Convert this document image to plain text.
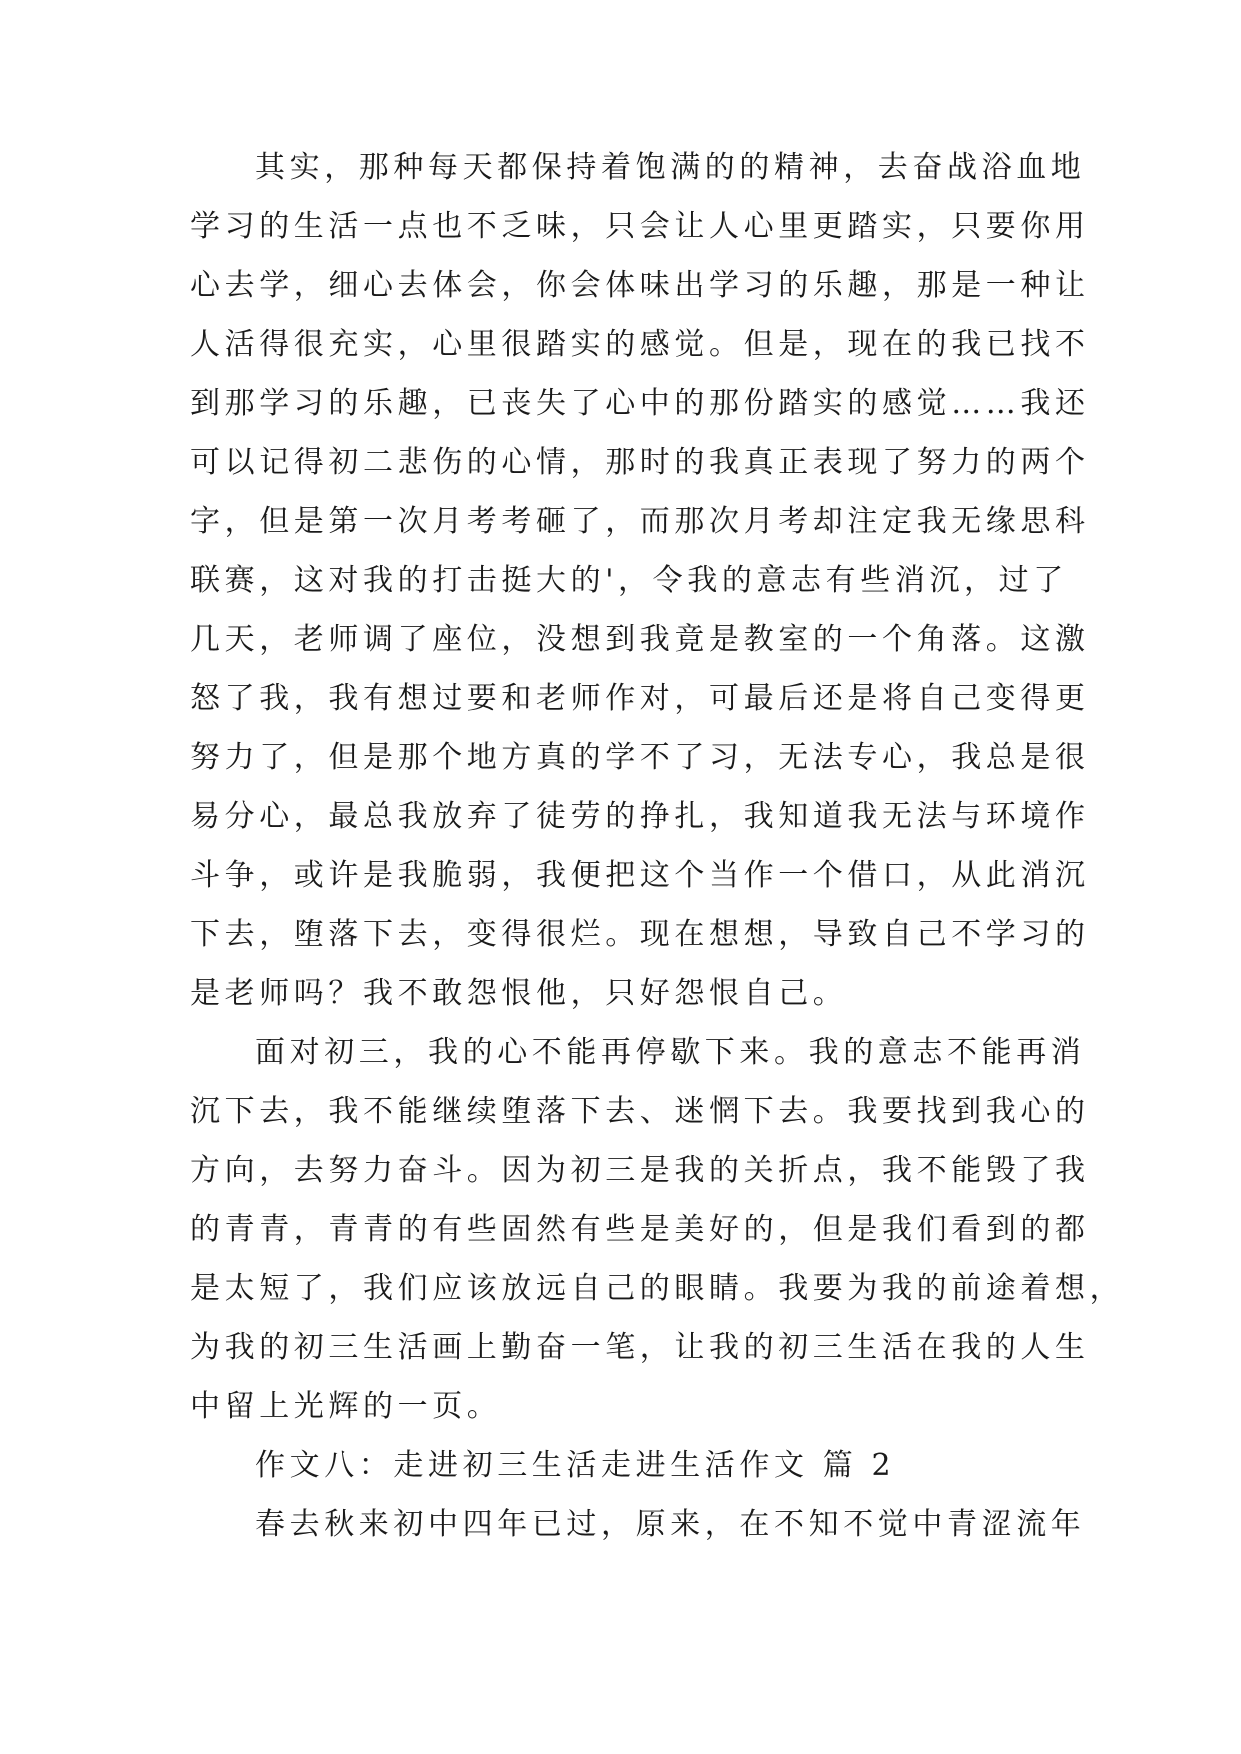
其实，那种每天都保持着饱满的的精神，去奋战浴血地
学习的生活一点也不乏味，只会让人心里更踏实，只要你用
心去学，细心去体会，你会体味出学习的乐趣，那是一种让
人活得很充实，心里很踏实的感觉。但是，现在的我已找不
到那学习的乐趣，已丧失了心中的那份踏实的感觉……我还
可以记得初二悲伤的心情，那时的我真正表现了努力的两个
字，但是第一次月考考砸了，而那次月考却注定我无缘思科
联赛，这对我的打击挺大的'，令我的意志有些消沉，过了
几天，老师调了座位，没想到我竟是教室的一个角落。这激
怒了我，我有想过要和老师作对，可最后还是将自己变得更
努力了，但是那个地方真的学不了习，无法专心，我总是很
易分心，最总我放弃了徒劳的挣扎，我知道我无法与环境作
斗争，或许是我脆弱，我便把这个当作一个借口，从此消沉
下去，堕落下去，变得很烂。现在想想，导致自己不学习的
是老师吗？我不敢怨恨他，只好怨恨自己。
面对初三，我的心不能再停歇下来。我的意志不能再消
沉下去，我不能继续堕落下去、迷惘下去。我要找到我心的
方向，去努力奋斗。因为初三是我的关折点，我不能毁了我
的青青，青青的有些固然有些是美好的，但是我们看到的都
是太短了，我们应该放远自己的眼睛。我要为我的前途着想，
为我的初三生活画上勤奋一笔，让我的初三生活在我的人生
中留上光辉的一页。
作文八：走进初三生活走进生活作文 篇 2
春去秋来初中四年已过，原来，在不知不觉中青涩流年
